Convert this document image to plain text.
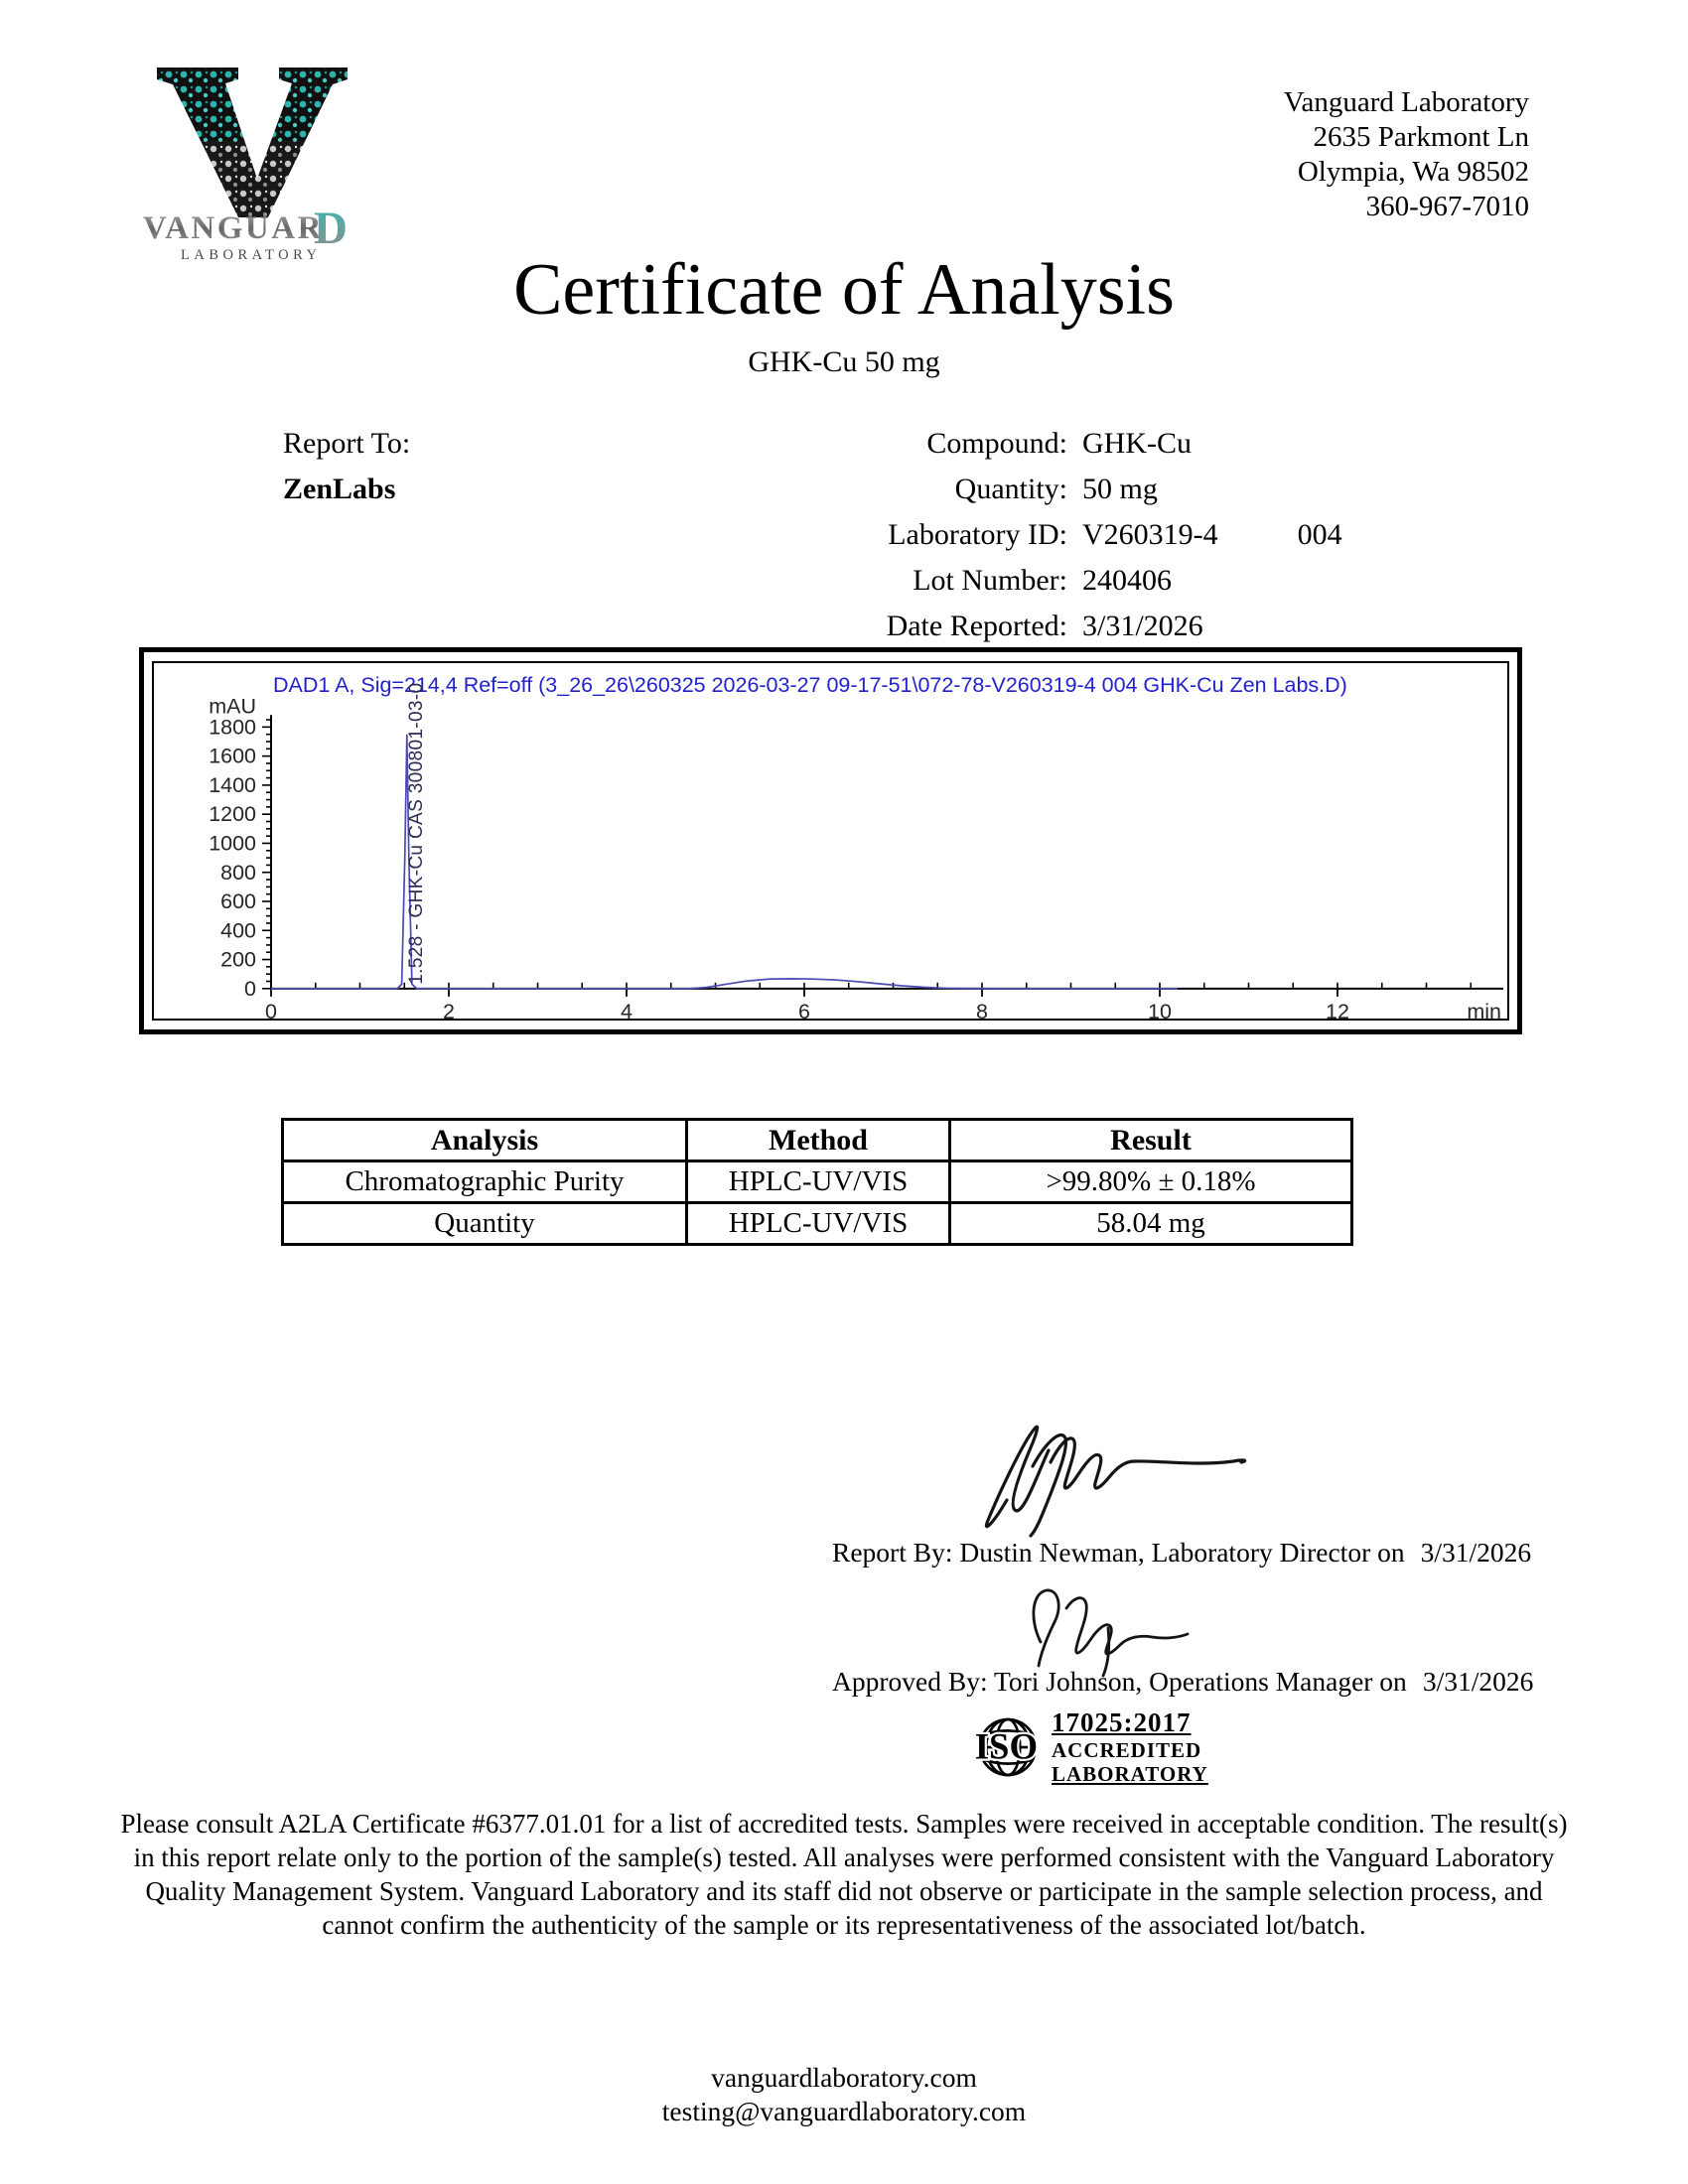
VANGUAR
D
LABORATORY
Vanguard Laboratory
2635 Parkmont Ln
Olympia, Wa 98502
360-967-7010
Certificate of Analysis
GHK-Cu 50 mg
Report To:
ZenLabs
Compound: GHK-Cu
Quantity: 50 mg
Laboratory ID: V260319-4	004
Lot Number: 240406
Date Reported: 3/31/2026
DAD1 A, Sig=214,4 Ref=off (3_26_26\260325 2026-03-27 09-17-51\072-78-V260319-4 004 GHK-Cu Zen Labs.D)
0
200
400
600
800
1000
1200
1400
1600
1800
mAU
0	2	4	6	8	10	12	min
1.528 - GHK-Cu CAS 300801-03-0
Analysis	Method	Result
Chromatographic Purity	HPLC-UV/VIS	>99.80% ± 0.18%
Quantity	HPLC-UV/VIS	58.04 mg
Report By: Dustin Newman, Laboratory Director on 3/31/2026
Approved By: Tori Johnson, Operations Manager on 3/31/2026
ISO
17025:2017
ACCREDITED
LABORATORY
Please consult A2LA Certificate #6377.01.01 for a list of accredited tests. Samples were received in acceptable condition. The result(s) in this report relate only to the portion of the sample(s) tested. All analyses were performed consistent with the Vanguard Laboratory Quality Management System. Vanguard Laboratory and its staff did not observe or participate in the sample selection process, and cannot confirm the authenticity of the sample or its representativeness of the associated lot/batch.
vanguardlaboratory.com
testing@vanguardlaboratory.com
